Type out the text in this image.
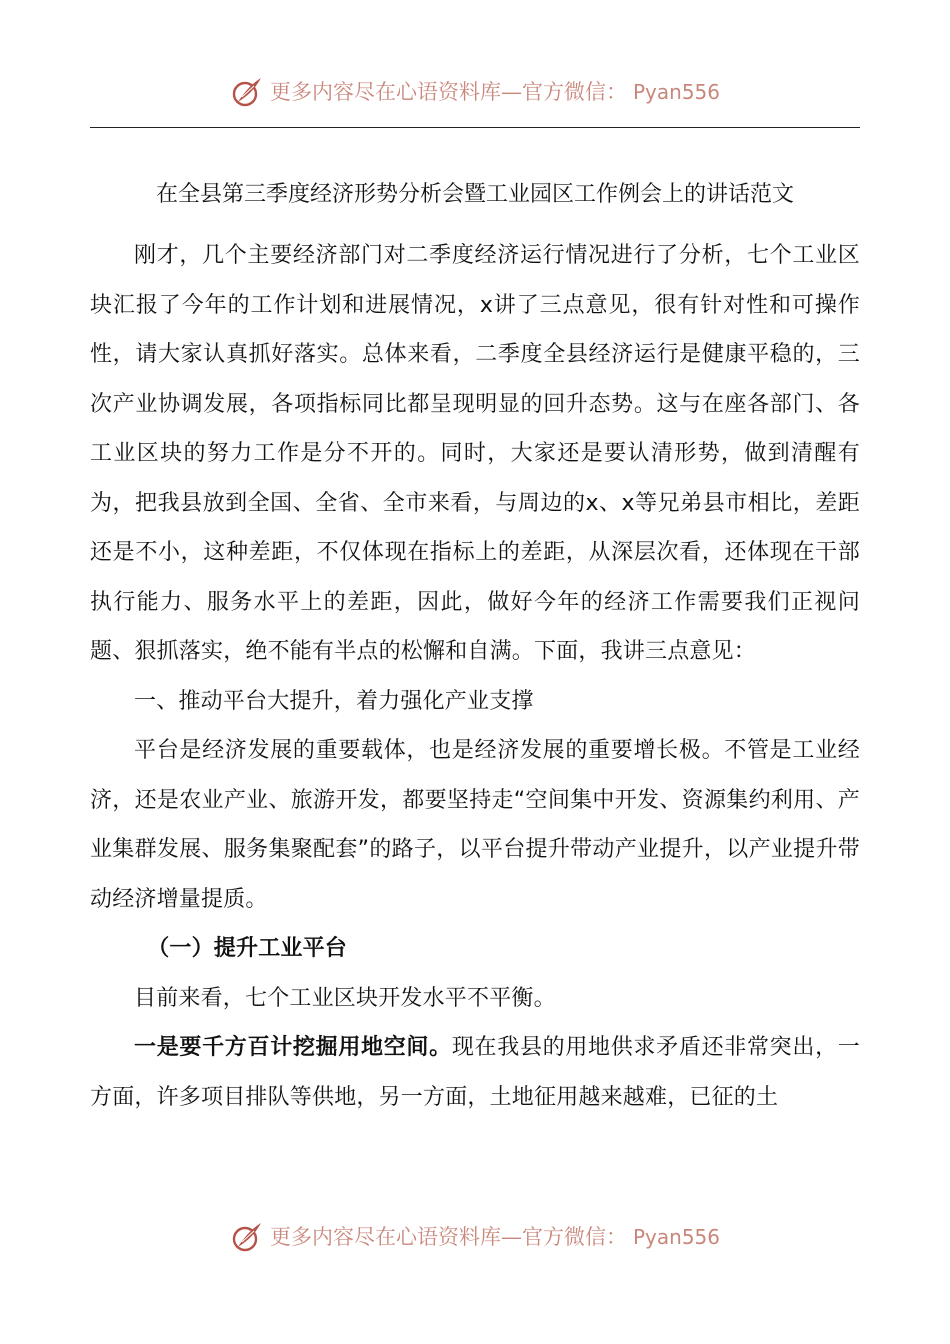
更多内容尽在心语资料库—官方微信： Pyan556
在全县第三季度经济形势分析会暨工业园区工作例会上的讲话范文

刚才，几个主要经济部门对二季度经济运行情况进行了分析，七个工业区块汇报了今年的工作计划和进展情况，x讲了三点意见，很有针对性和可操作性，请大家认真抓好落实。总体来看，二季度全县经济运行是健康平稳的，三次产业协调发展，各项指标同比都呈现明显的回升态势。这与在座各部门、各工业区块的努力工作是分不开的。同时，大家还是要认清形势，做到清醒有为，把我县放到全国、全省、全市来看，与周边的x、x等兄弟县市相比，差距还是不小，这种差距，不仅体现在指标上的差距，从深层次看，还体现在干部执行能力、服务水平上的差距，因此，做好今年的经济工作需要我们正视问题、狠抓落实，绝不能有半点的松懈和自满。下面，我讲三点意见：

一、推动平台大提升，着力强化产业支撑

平台是经济发展的重要载体，也是经济发展的重要增长极。不管是工业经济，还是农业产业、旅游开发，都要坚持走“空间集中开发、资源集约利用、产业集群发展、服务集聚配套”的路子，以平台提升带动产业提升，以产业提升带动经济增量提质。

（一）提升工业平台

目前来看，七个工业区块开发水平不平衡。

一是要千方百计挖掘用地空间。现在我县的用地供求矛盾还非常突出，一方面，许多项目排队等供地，另一方面，土地征用越来越难，已征的土

更多内容尽在心语资料库—官方微信： Pyan556
